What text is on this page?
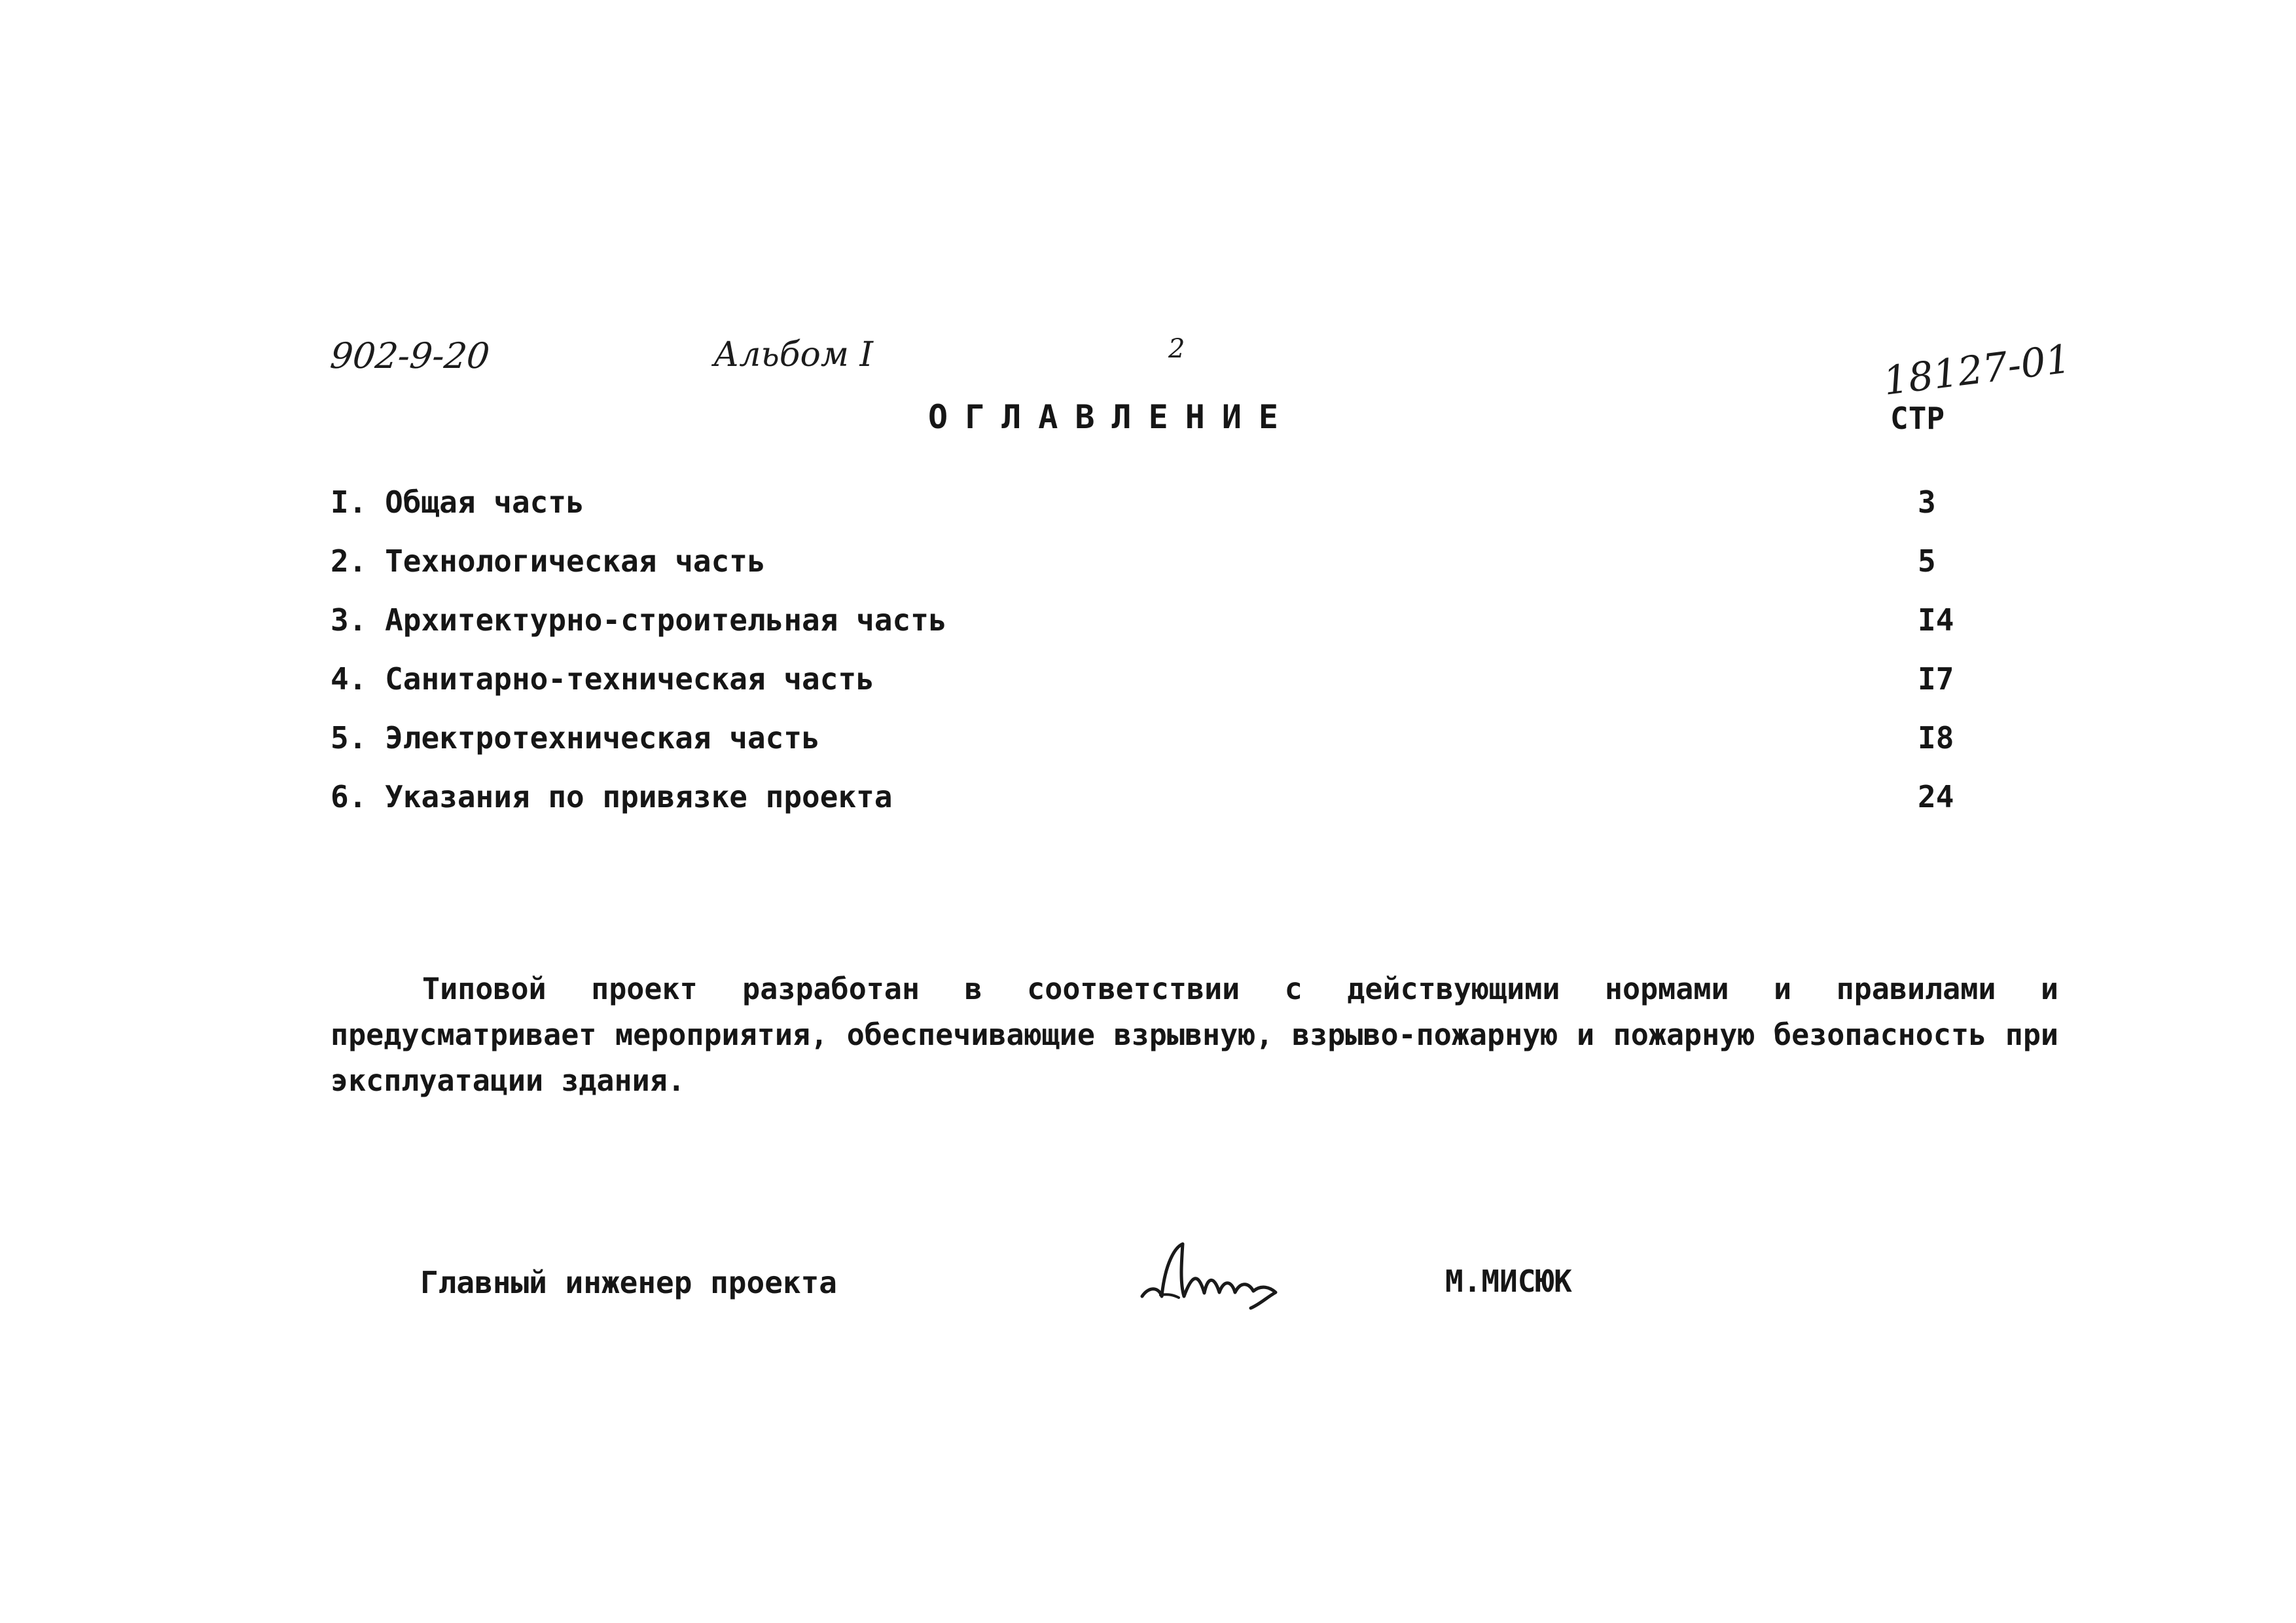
902-9-20	Альбом I	2	18127-01
ОГЛАВЛЕНИЕ	СТР
I. Общая часть	3
2. Технологическая часть	5
3. Архитектурно-строительная часть	I4
4. Санитарно-техническая часть	I7
5. Электротехническая часть	I8
6. Указания по привязке проекта	24
Типовой проект разработан в соответствии с действующими нормами и правилами и предусматривает мероприятия, обеспечивающие взрывную, взрыво-пожарную и пожарную безопасность при эксплуатации здания.
Главный инженер проекта	М.МИСЮК
